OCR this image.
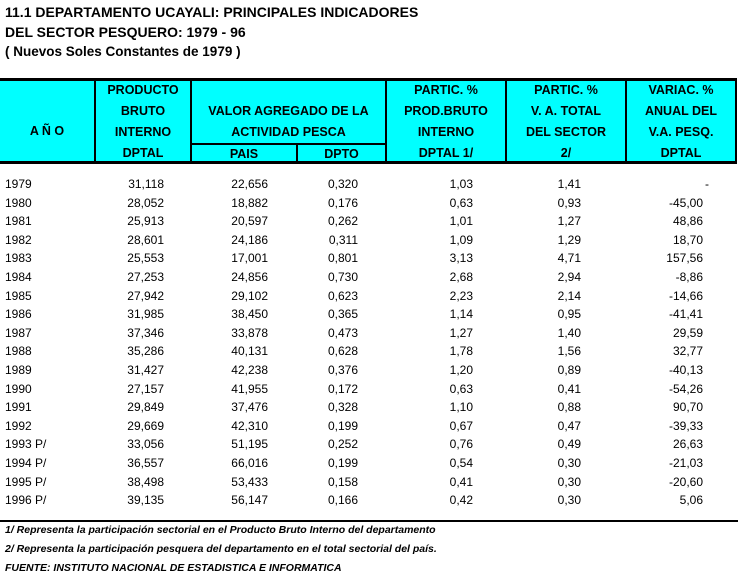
11.1 DEPARTAMENTO UCAYALI: PRINCIPALES INDICADORES
DEL SECTOR PESQUERO: 1979 - 96
( Nuevos Soles Constantes de 1979 )
A Ñ O
PRODUCTO
BRUTO
INTERNO
DPTAL
VALOR AGREGADO DE LA
ACTIVIDAD PESCA
PAIS	DPTO
PARTIC. %
PROD.BRUTO
INTERNO
DPTAL 1/
PARTIC. %
V. A. TOTAL
DEL SECTOR
2/
VARIAC. %
ANUAL DEL
V.A. PESQ.
DPTAL
1979	31,118	22,656	0,320	1,03	1,41	-
1980	28,052	18,882	0,176	0,63	0,93	-45,00
1981	25,913	20,597	0,262	1,01	1,27	48,86
1982	28,601	24,186	0,311	1,09	1,29	18,70
1983	25,553	17,001	0,801	3,13	4,71	157,56
1984	27,253	24,856	0,730	2,68	2,94	-8,86
1985	27,942	29,102	0,623	2,23	2,14	-14,66
1986	31,985	38,450	0,365	1,14	0,95	-41,41
1987	37,346	33,878	0,473	1,27	1,40	29,59
1988	35,286	40,131	0,628	1,78	1,56	32,77
1989	31,427	42,238	0,376	1,20	0,89	-40,13
1990	27,157	41,955	0,172	0,63	0,41	-54,26
1991	29,849	37,476	0,328	1,10	0,88	90,70
1992	29,669	42,310	0,199	0,67	0,47	-39,33
1993 P/	33,056	51,195	0,252	0,76	0,49	26,63
1994 P/	36,557	66,016	0,199	0,54	0,30	-21,03
1995 P/	38,498	53,433	0,158	0,41	0,30	-20,60
1996 P/	39,135	56,147	0,166	0,42	0,30	5,06
1/ Representa la participación sectorial en el Producto Bruto Interno del departamento
2/ Representa la participación pesquera del departamento en el total sectorial del país.
FUENTE: INSTITUTO NACIONAL DE ESTADISTICA E INFORMATICA
